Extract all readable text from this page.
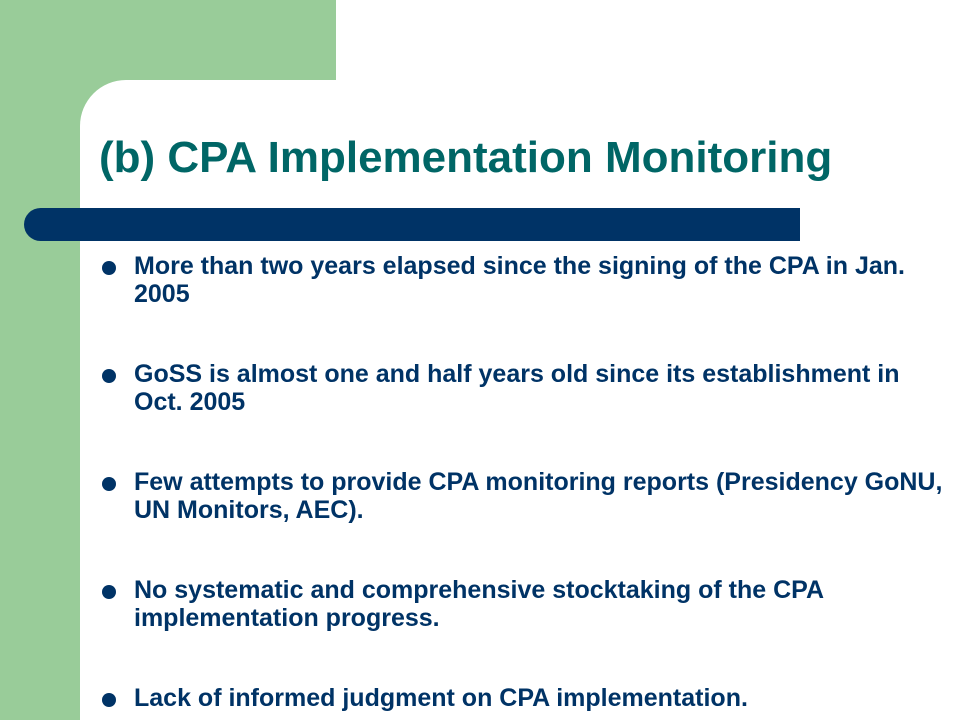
(b) CPA Implementation Monitoring
More than two years elapsed since the signing of the CPA in Jan. 2005
GoSS is almost one and half years old since its establishment in Oct. 2005
Few attempts to provide CPA monitoring reports (Presidency GoNU, UN Monitors, AEC).
No systematic and comprehensive stocktaking of the CPA implementation progress.
Lack of informed judgment on CPA implementation.
